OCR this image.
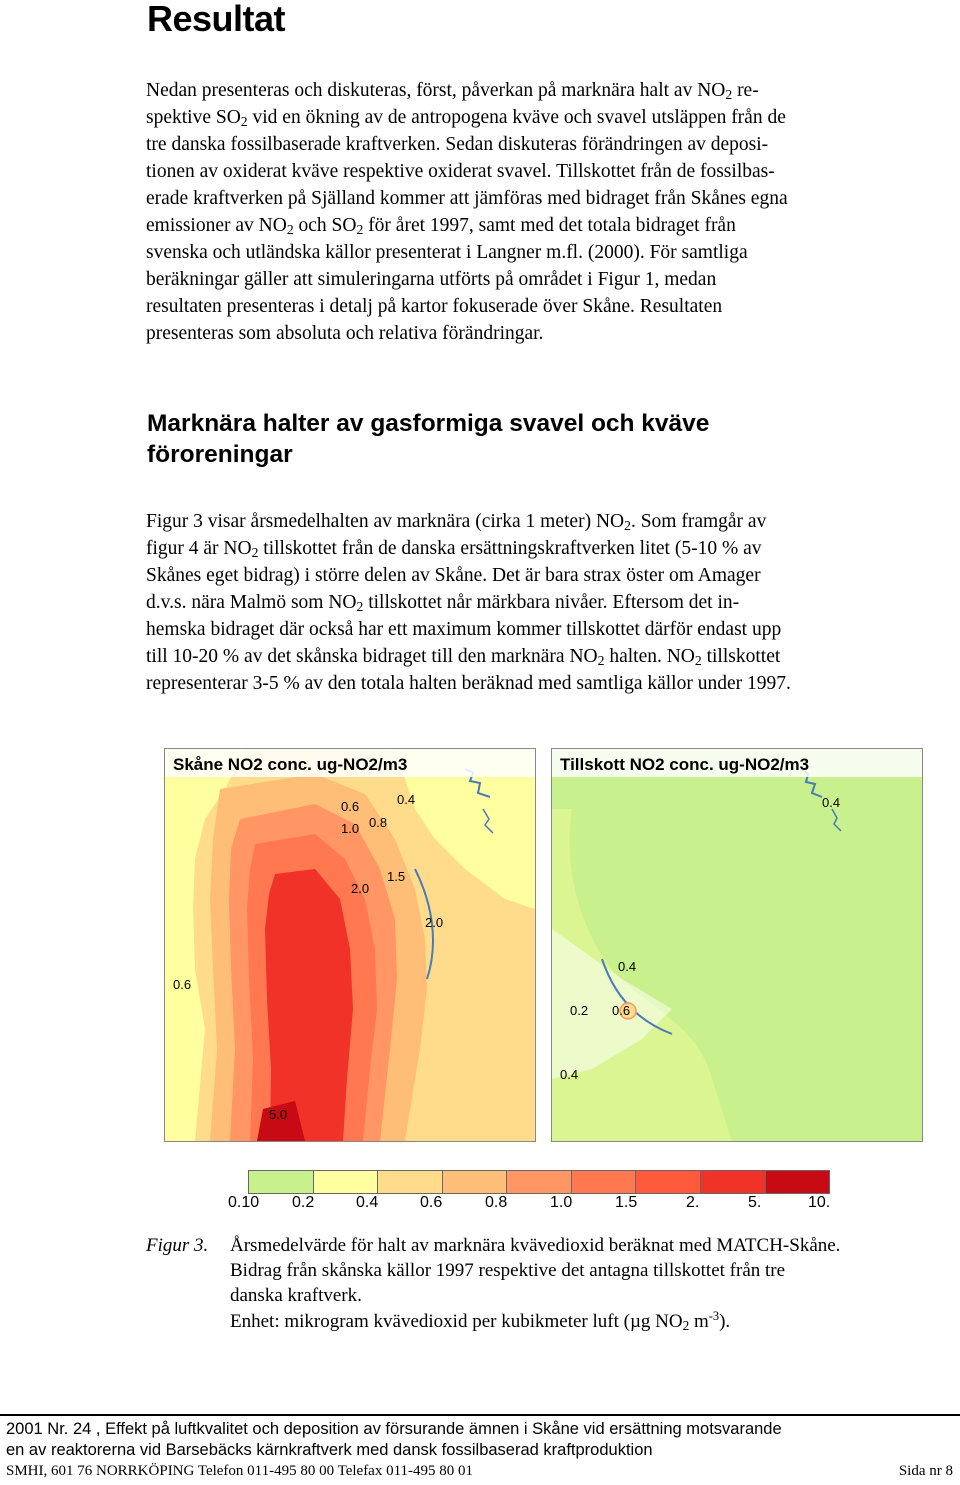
Resultat

Nedan presenteras och diskuteras, först, påverkan på marknära halt av $NO_2$ re-
spektive $SO_2$ vid en ökning av de antropogena kväve och svavel utsläppen från de
tre danska fossilbaserade kraftverken. Sedan diskuteras förändringen av deposi-
tionen av oxiderat kväve respektive oxiderat svavel. Tillskottet från de fossilbas-
erade kraftverken på Själland kommer att jämföras med bidraget från Skånes egna
emissioner av $NO_2$ och $SO_2$ för året 1997, samt med det totala bidraget från
svenska och utländska källor presenterat i Langner m.fl. (2000). För samtliga
beräkningar gäller att simuleringarna utförts på området i Figur 1, medan
resultaten presenteras i detalj på kartor fokuserade över Skåne. Resultaten
presenteras som absoluta och relativa förändringar.

Marknära halter av gasformiga svavel och kväve
föroreningar

Figur 3 visar årsmedelhalten av marknära (cirka 1 meter) $NO_2$. Som framgår av
figur 4 är $NO_2$ tillskottet från de danska ersättningskraftverken litet (5-10 % av
Skånes eget bidrag) i större delen av Skåne. Det är bara strax öster om Amager
d.v.s. nära Malmö som $NO_2$ tillskottet når märkbara nivåer. Eftersom det in-
hemska bidraget där också har ett maximum kommer tillskottet därför endast upp
till 10-20 % av det skånska bidraget till den marknära $NO_2$ halten. $NO_2$ tillskottet
representerar 3-5 % av den totala halten beräknad med samtliga källor under 1997.

Skåne NO2 conc. ug-NO2/m3
0.4
0.6
1.0 0.8
1.5
2.0
2.0
0.6
5.0
Tillskott NO2 conc. ug-NO2/m3
0.4
0.4
0.2 0.6
0.4
0.10 0.2	0.4	0.6	0.8	1.0	1.5	2.	5.	10.

Figur 3. Årsmedelvärde för halt av marknära kvävedioxid beräknat med MATCH-Skåne.

Bidrag från skånska källor 1997 respektive det antagna tillskottet från tre

danska kraftverk.

Enhet: mikrogram kvävedioxid per kubikmeter luft (µg $NO_2$ $m^{-3}$).

2001 Nr. 24 , Effekt på luftkvalitet och deposition av försurande ämnen i Skåne vid ersättning motsvarande

en av reaktorerna vid Barsebäcks kärnkraftverk med dansk fossilbaserad kraftproduktion

SMHI, 601 76 NORRKÖPING Telefon 011-495 80 00 Telefax 011-495 80 01	Sida nr 8
